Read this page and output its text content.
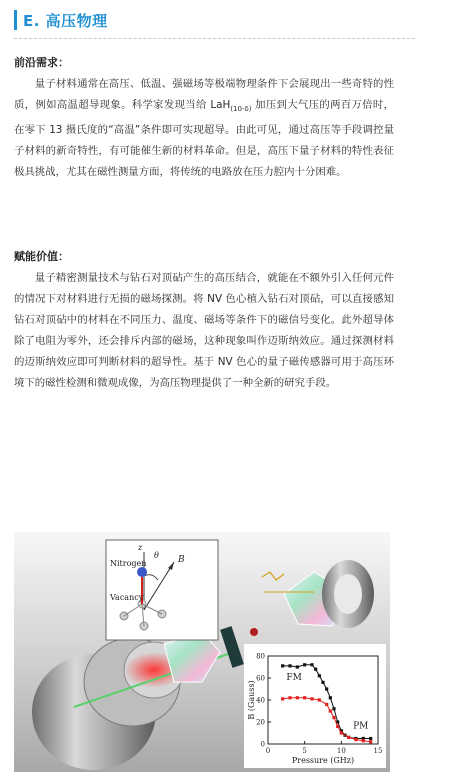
E. 高压物理
前沿需求：
量子材料通常在高压、低温、强磁场等极端物理条件下会展现出一些奇特的性质，例如高温超导现象。科学家发现当给 LaH$_{(10-\delta)}$ 加压到大气压的两百万倍时，在零下 13 摄氏度的“高温”条件即可实现超导。由此可见，通过高压等手段调控量子材料的新奇特性，有可能催生新的材料革命。但是，高压下量子材料的特性表征极具挑战，尤其在磁性测量方面，将传统的电路放在压力腔内十分困难。
赋能价值：
量子精密测量技术与钻石对顶砧产生的高压结合，就能在不额外引入任何元件的情况下对材料进行无损的磁场探测。将 NV 色心植入钻石对顶砧，可以直接感知钻石对顶砧中的材料在不同压力、温度、磁场等条件下的磁信号变化。此外超导体除了电阻为零外，还会排斥内部的磁场，这种现象叫作迈斯纳效应。通过探测材料的迈斯纳效应即可判断材料的超导性。基于 NV 色心的量子磁传感器可用于高压环境下的磁性检测和微观成像，为高压物理提供了一种全新的研究手段。
Nitrogen
Vacancy
z
θ B
0	5	10	15
0
20
40
60
80
Pressure (GHz)
B (Gauss)
FM
PM
